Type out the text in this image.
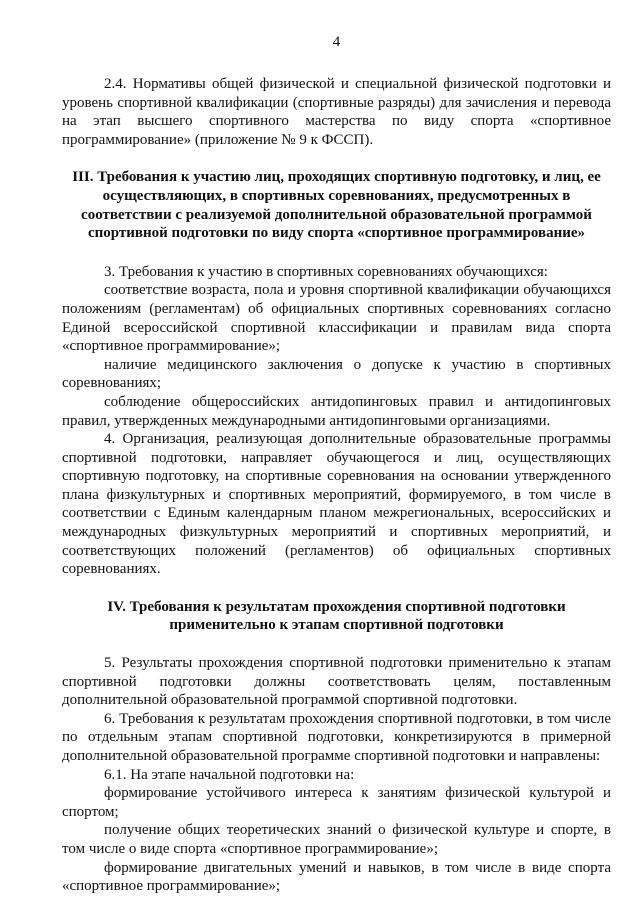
4

2.4. Нормативы общей физической и специальной физической подготовки и уровень спортивной квалификации (спортивные разряды) для зачисления и перевода на этап высшего спортивного мастерства по виду спорта «спортивное программирование» (приложение № 9 к ФССП).

III. Требования к участию лиц, проходящих спортивную подготовку, и лиц, ее осуществляющих, в спортивных соревнованиях, предусмотренных в соответствии с реализуемой дополнительной образовательной программой спортивной подготовки по виду спорта «спортивное программирование»

3. Требования к участию в спортивных соревнованиях обучающихся:

соответствие возраста, пола и уровня спортивной квалификации обучающихся положениям (регламентам) об официальных спортивных соревнованиях согласно Единой всероссийской спортивной классификации и правилам вида спорта «спортивное программирование»;

наличие медицинского заключения о допуске к участию в спортивных соревнованиях;

соблюдение общероссийских антидопинговых правил и антидопинговых правил, утвержденных международными антидопинговыми организациями.

4. Организация, реализующая дополнительные образовательные программы спортивной подготовки, направляет обучающегося и лиц, осуществляющих спортивную подготовку, на спортивные соревнования на основании утвержденного плана физкультурных и спортивных мероприятий, формируемого, в том числе в соответствии с Единым календарным планом межрегиональных, всероссийских и международных физкультурных мероприятий и спортивных мероприятий, и соответствующих положений (регламентов) об официальных спортивных соревнованиях.

IV. Требования к результатам прохождения спортивной подготовки применительно к этапам спортивной подготовки

5. Результаты прохождения спортивной подготовки применительно к этапам спортивной подготовки должны соответствовать целям, поставленным дополнительной образовательной программой спортивной подготовки.

6. Требования к результатам прохождения спортивной подготовки, в том числе по отдельным этапам спортивной подготовки, конкретизируются в примерной дополнительной образовательной программе спортивной подготовки и направлены:

6.1. На этапе начальной подготовки на:

формирование устойчивого интереса к занятиям физической культурой и спортом;

получение общих теоретических знаний о физической культуре и спорте, в том числе о виде спорта «спортивное программирование»;

формирование двигательных умений и навыков, в том числе в виде спорта «спортивное программирование»;
